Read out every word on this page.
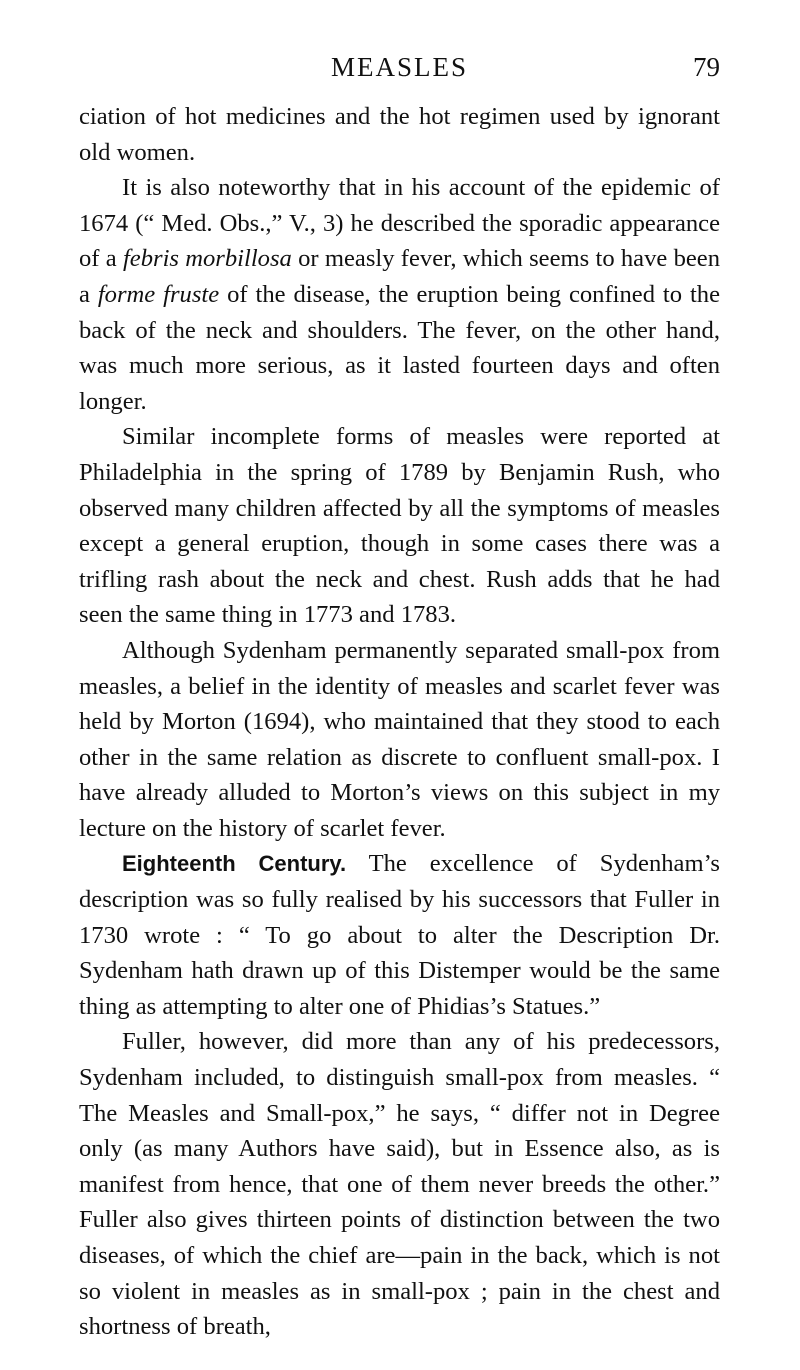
MEASLES	79

ciation of hot medicines and the hot regimen used by ignorant old women.

It is also noteworthy that in his account of the epidemic of 1674 (“ Med. Obs.,” V., 3) he described the sporadic appearance of a febris morbillosa or measly fever, which seems to have been a forme fruste of the disease, the eruption being confined to the back of the neck and shoulders. The fever, on the other hand, was much more serious, as it lasted fourteen days and often longer.

Similar incomplete forms of measles were reported at Philadelphia in the spring of 1789 by Benjamin Rush, who observed many children affected by all the symptoms of measles except a general eruption, though in some cases there was a trifling rash about the neck and chest. Rush adds that he had seen the same thing in 1773 and 1783.

Although Sydenham permanently separated small-pox from measles, a belief in the identity of measles and scarlet fever was held by Morton (1694), who maintained that they stood to each other in the same relation as discrete to confluent small-pox. I have already alluded to Morton’s views on this subject in my lecture on the history of scarlet fever.

Eighteenth Century. The excellence of Sydenham’s description was so fully realised by his successors that Fuller in 1730 wrote : “ To go about to alter the Description Dr. Sydenham hath drawn up of this Distemper would be the same thing as attempting to alter one of Phidias’s Statues.”

Fuller, however, did more than any of his predecessors, Sydenham included, to distinguish small-pox from measles. “ The Measles and Small-pox,” he says, “ differ not in Degree only (as many Authors have said), but in Essence also, as is manifest from hence, that one of them never breeds the other.” Fuller also gives thirteen points of distinction between the two diseases, of which the chief are—pain in the back, which is not so violent in measles as in small-pox ; pain in the chest and shortness of breath,
